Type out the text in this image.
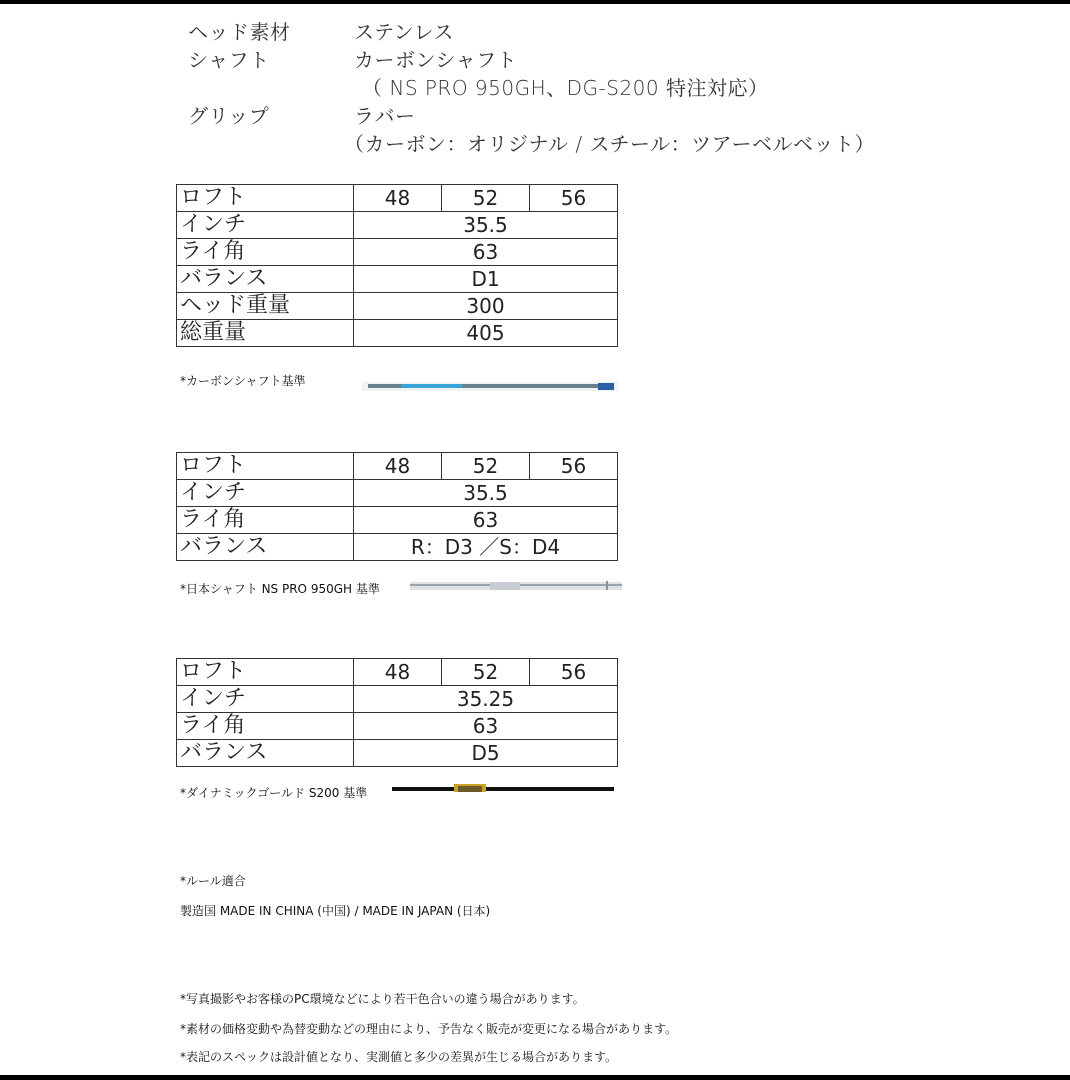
ヘッド素材	ステンレス
シャフト	カーボンシャフト
（ NS PRO 950GH、DG-S200 特注対応）
グリップ	ラバー
（カーボン：オリジナル / スチール：ツアーベルベット）
ロフト	48	52	56
インチ	35.5		
ライ角	63		
バランス	D1		
ヘッド重量	300		
総重量	405		
*カーボンシャフト基準
ロフト	48	52	56
インチ	35.5		
ライ角	63		
バランス	R：D3 ／S：D4		
*日本シャフト NS PRO 950GH 基準
ロフト	48	52	56
インチ	35.25		
ライ角	63		
バランス	D5		
*ダイナミックゴールド S200 基準
*ルール適合
製造国 MADE IN CHINA (中国) / MADE IN JAPAN (日本)
*写真撮影やお客様のPC環境などにより若干色合いの違う場合があります。
*素材の価格変動や為替変動などの理由により、予告なく販売が変更になる場合があります。
*表記のスペックは設計値となり、実測値と多少の差異が生じる場合があります。
